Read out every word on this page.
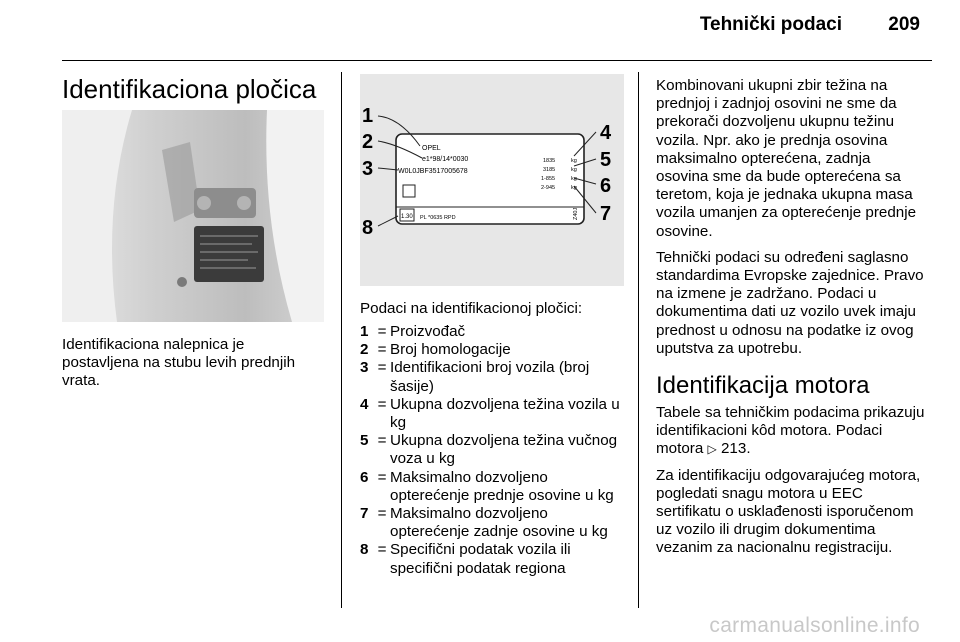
Tehnički podaci 209
Identifikaciona pločica

Identifikaciona nalepnica je postavljena na stubu levih prednjih vrata.

OPEL
e1*98/14*0030
W0L0JBF3517005678
1835
3185
1-855
2-945
kg
kg
kg
kg
1.30 PL *0635 RPD	Z40J
1
2
3
8
4
5
6
7

Podaci na identifikacionoj pločici:

1 = Proizvođač
2 = Broj homologacije
3 = Identifikacioni broj vozila (broj šasije)
4 = Ukupna dozvoljena težina vozila u kg
5 = Ukupna dozvoljena težina vučnog voza u kg
6 = Maksimalno dozvoljeno opterećenje prednje osovine u kg
7 = Maksimalno dozvoljeno opterećenje zadnje osovine u kg
8 = Specifični podatak vozila ili specifični podatak regiona

Kombinovani ukupni zbir težina na prednjoj i zadnjoj osovini ne sme da prekorači dozvoljenu ukupnu težinu vozila. Npr. ako je prednja osovina maksimalno opterećena, zadnja osovina sme da bude opterećena sa teretom, koja je jednaka ukupna masa vozila umanjen za opterećenje prednje osovine.

Tehnički podaci su određeni saglasno standardima Evropske zajednice. Pravo na izmene je zadržano. Podaci u dokumentima dati uz vozilo uvek imaju prednost u odnosu na podatke iz ovog uputstva za upotrebu.

Identifikacija motora

Tabele sa tehničkim podacima prikazuju identifikacioni kôd motora. Podaci motora ▷ 213.

Za identifikaciju odgovarajućeg motora, pogledati snagu motora u EEC sertifikatu o usklađenosti isporučenom uz vozilo ili drugim dokumentima vezanim za nacionalnu registraciju.

carmanualsonline.info
